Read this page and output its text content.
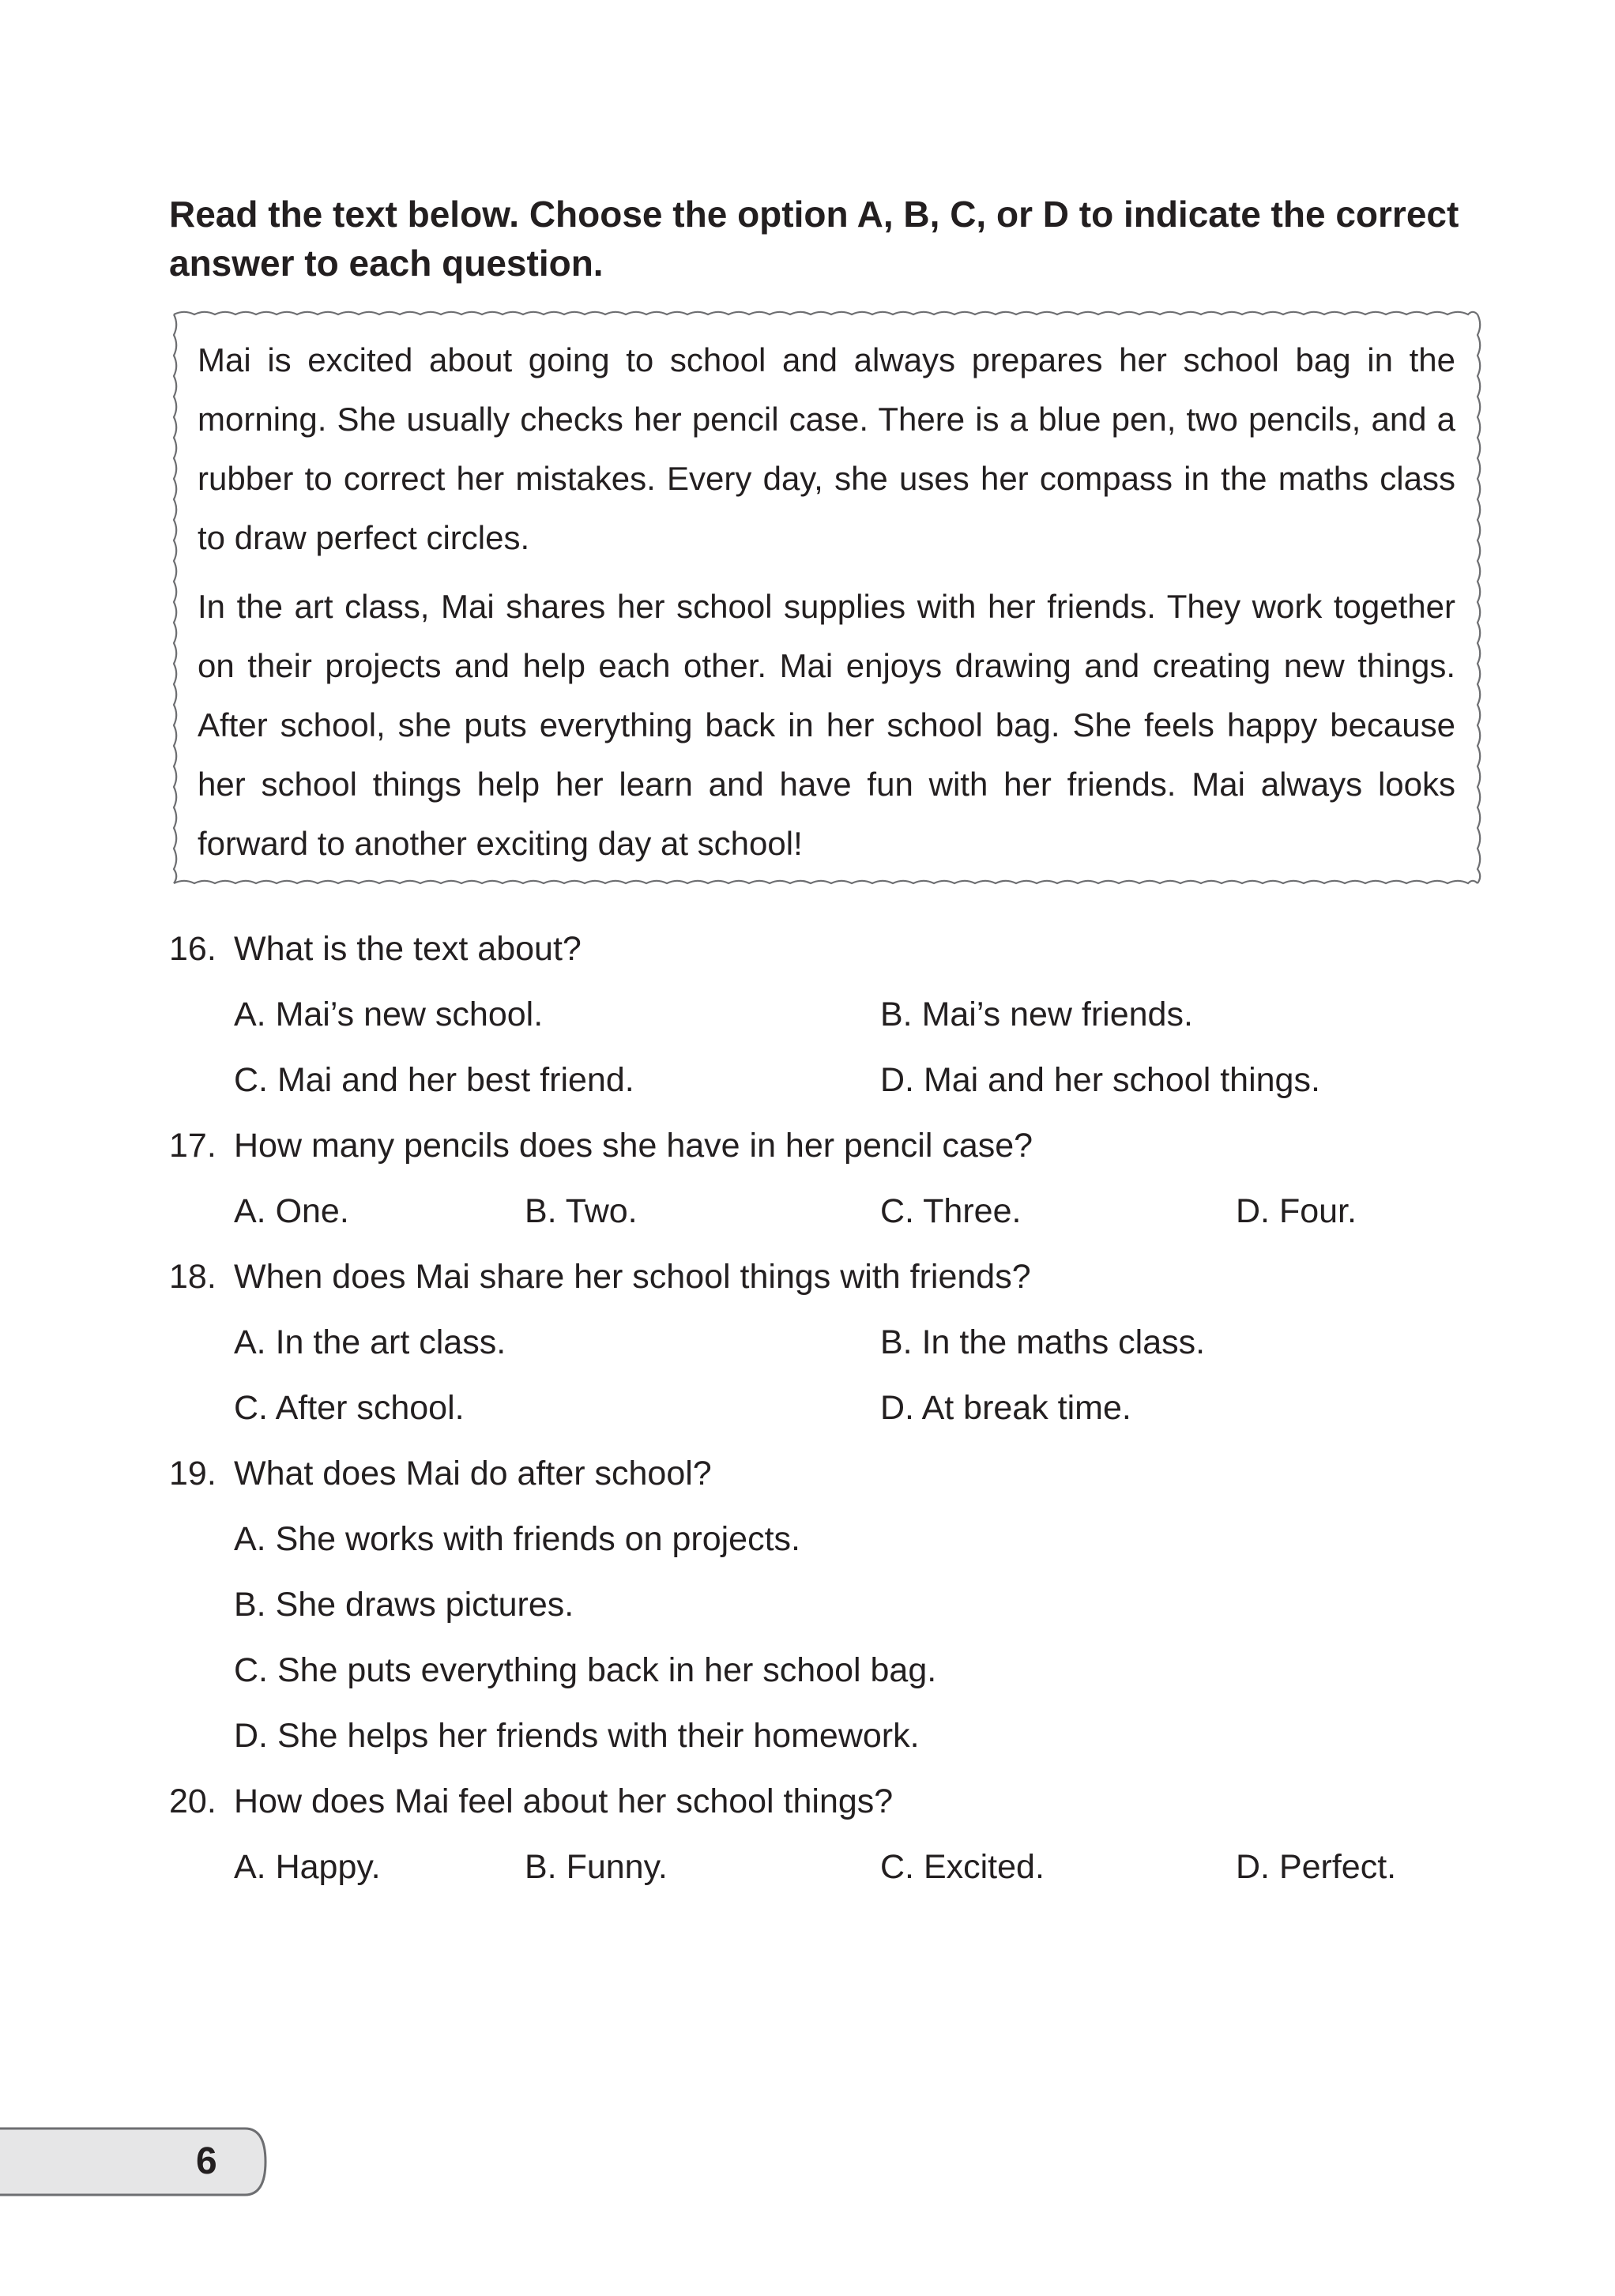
Read the text below. Choose the option A, B, C, or D to indicate the correct answer to each question.

Mai is excited about going to school and always prepares her school bag in the morning. She usually checks her pencil case. There is a blue pen, two pencils, and a rubber to correct her mistakes. Every day, she uses her compass in the maths class to draw perfect circles.

In the art class, Mai shares her school supplies with her friends. They work together on their projects and help each other. Mai enjoys drawing and creating new things. After school, she puts everything back in her school bag. She feels happy because her school things help her learn and have fun with her friends. Mai always looks forward to another exciting day at school!

16. What is the text about?
A. Mai’s new school.	B. Mai’s new friends.
C. Mai and her best friend.	D. Mai and her school things.
17. How many pencils does she have in her pencil case?
A. One.	B. Two.	C. Three.	D. Four.
18. When does Mai share her school things with friends?
A. In the art class.	B. In the maths class.
C. After school.	D. At break time.
19. What does Mai do after school?
A. She works with friends on projects.
B. She draws pictures.
C. She puts everything back in her school bag.
D. She helps her friends with their homework.
20. How does Mai feel about her school things?
A. Happy.	B. Funny.	C. Excited.	D. Perfect.
6
